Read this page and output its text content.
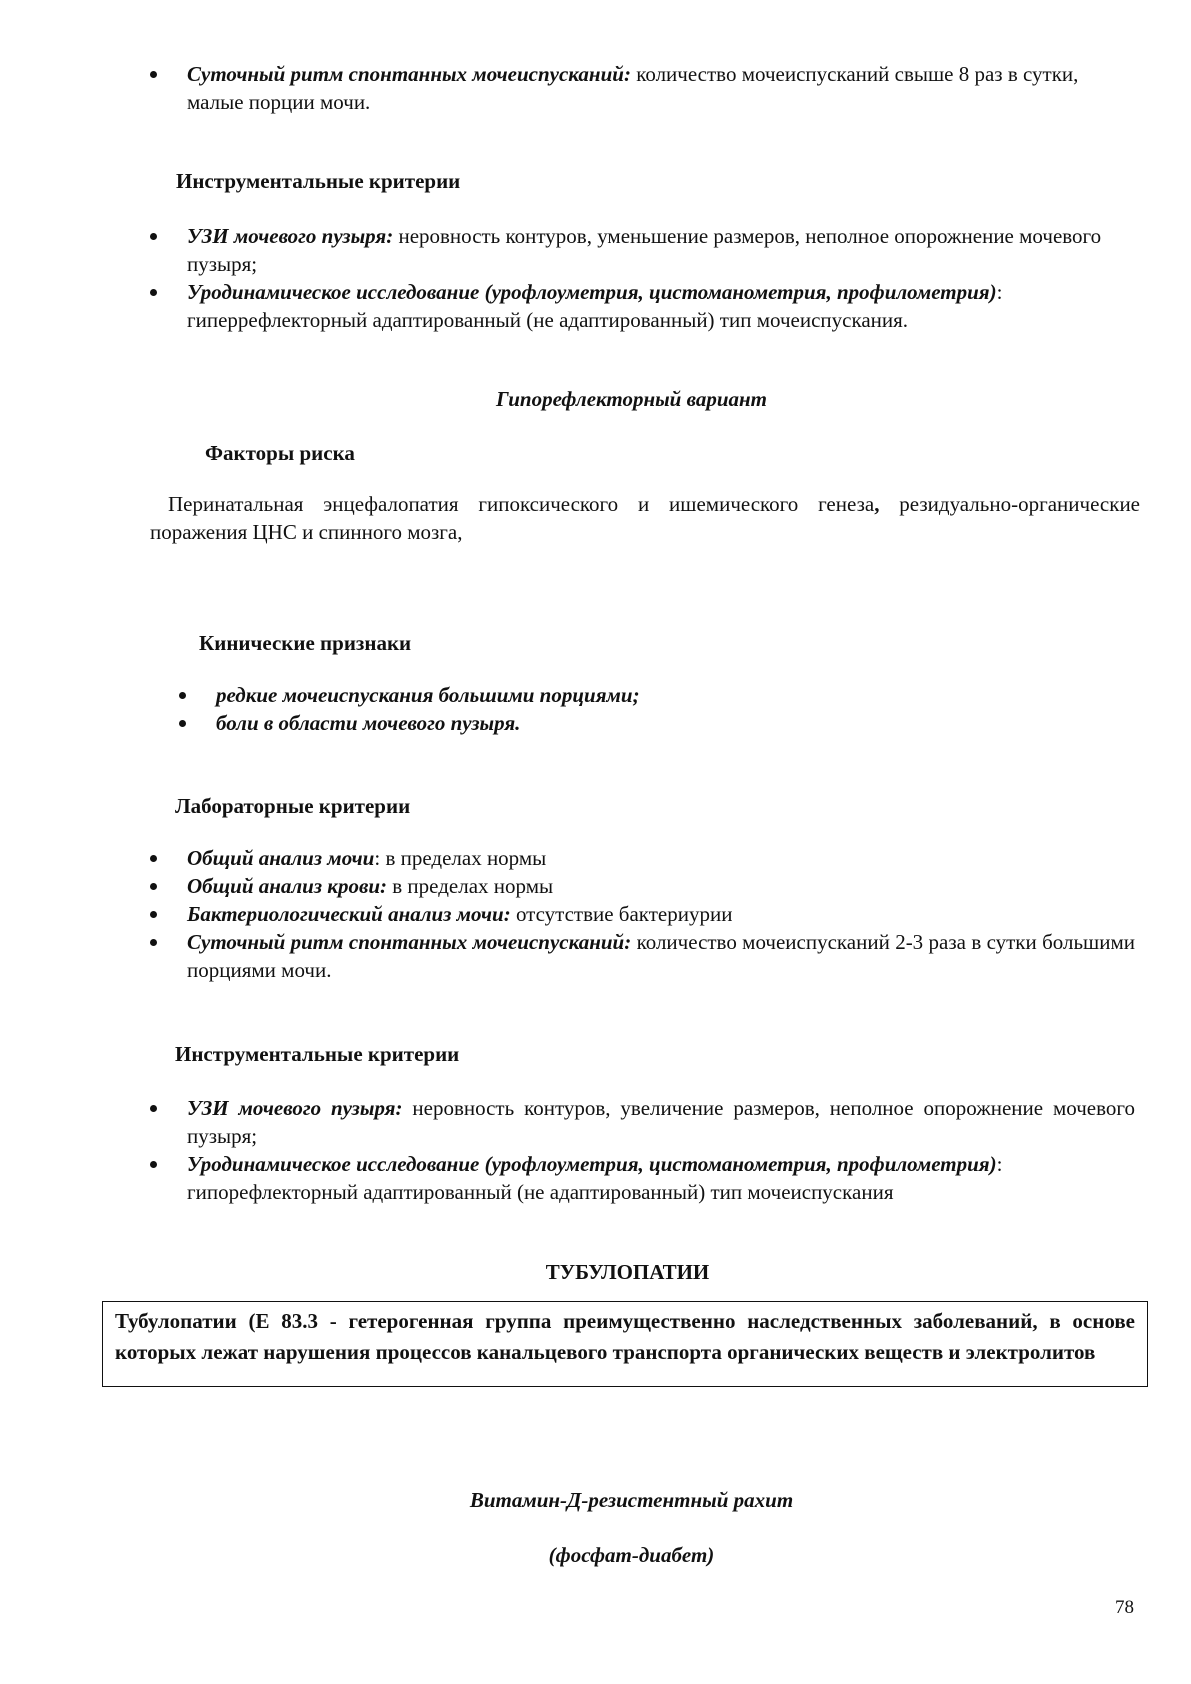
Суточный ритм спонтанных мочеиспусканий: количество мочеиспусканий свыше 8 раз в сутки, малые порции мочи.
Инструментальные критерии
УЗИ мочевого пузыря: неровность контуров, уменьшение размеров, неполное опорожнение мочевого пузыря;
Уродинамическое исследование (урофлоуметрия, цистоманометрия, профилометрия): гиперрефлекторный адаптированный (не адаптированный) тип мочеиспускания.
Гипорефлекторный вариант
Факторы риска
Перинатальная энцефалопатия гипоксического и ишемического генеза, резидуально-органические поражения ЦНС и спинного мозга,
Кинические признаки
редкие мочеиспускания большими порциями;
боли в области мочевого пузыря.
Лабораторные критерии
Общий анализ мочи: в пределах нормы
Общий анализ крови: в пределах нормы
Бактериологический анализ мочи: отсутствие бактериурии
Суточный ритм спонтанных мочеиспусканий: количество мочеиспусканий 2-3 раза в сутки большими порциями мочи.
Инструментальные критерии
УЗИ мочевого пузыря: неровность контуров, увеличение размеров, неполное опорожнение мочевого пузыря;
Уродинамическое исследование (урофлоуметрия, цистоманометрия, профилометрия): гипорефлекторный адаптированный (не адаптированный) тип мочеиспускания
ТУБУЛОПАТИИ
Тубулопатии (Е 83.3 - гетерогенная группа преимущественно наследственных заболеваний, в основе которых лежат нарушения процессов канальцевого транспорта органических веществ и электролитов
Витамин-Д-резистентный рахит
(фосфат-диабет)
78
